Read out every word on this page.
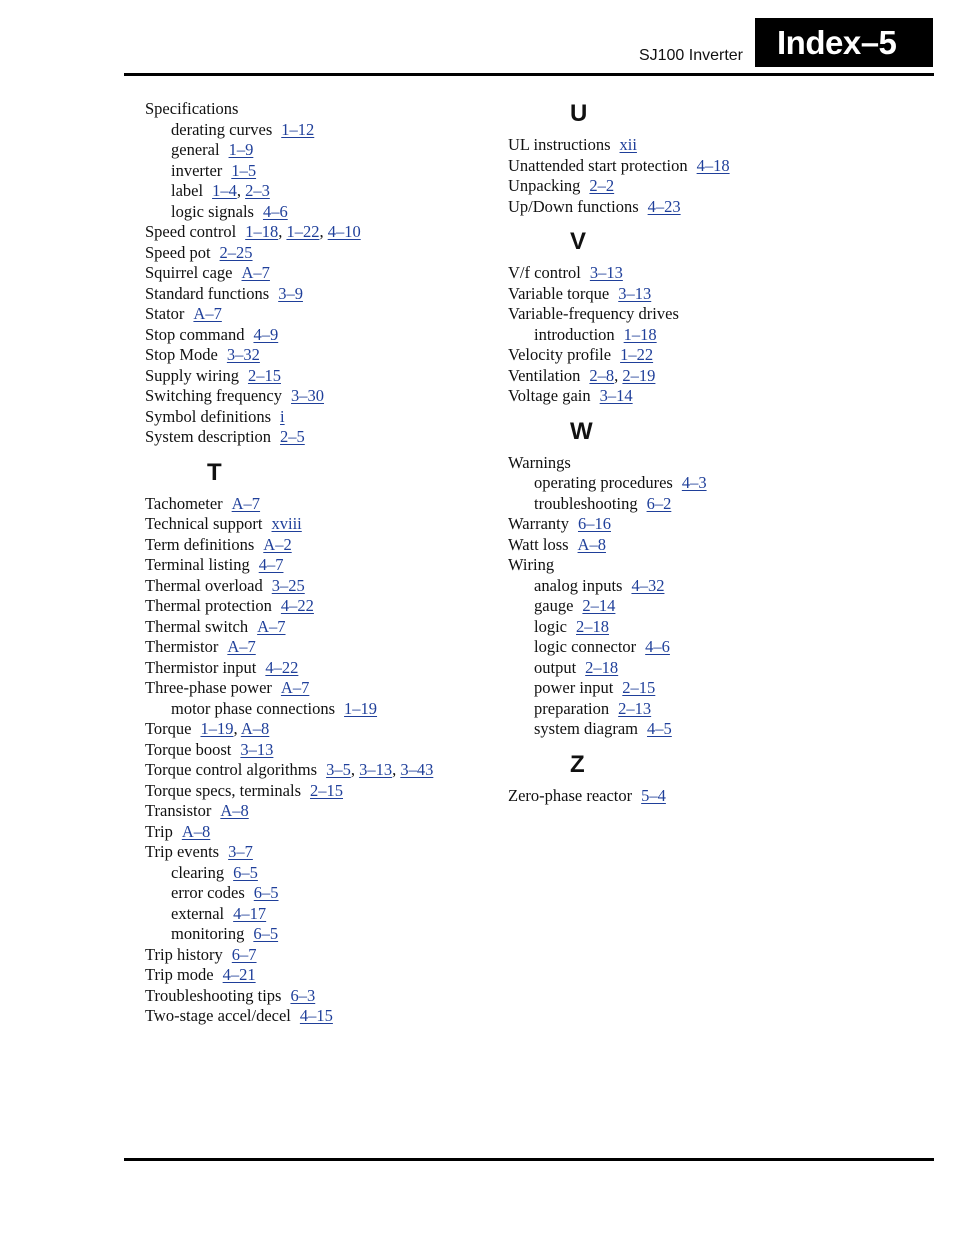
SJ100 Inverter	Index–5
Specifications
derating curves 1–12
general 1–9
inverter 1–5
label 1–4, 2–3
logic signals 4–6
Speed control 1–18, 1–22, 4–10
Speed pot 2–25
Squirrel cage A–7
Standard functions 3–9
Stator A–7
Stop command 4–9
Stop Mode 3–32
Supply wiring 2–15
Switching frequency 3–30
Symbol definitions i
System description 2–5
T
Tachometer A–7
Technical support xviii
Term definitions A–2
Terminal listing 4–7
Thermal overload 3–25
Thermal protection 4–22
Thermal switch A–7
Thermistor A–7
Thermistor input 4–22
Three-phase power A–7
motor phase connections 1–19
Torque 1–19, A–8
Torque boost 3–13
Torque control algorithms 3–5, 3–13, 3–43
Torque specs, terminals 2–15
Transistor A–8
Trip A–8
Trip events 3–7
clearing 6–5
error codes 6–5
external 4–17
monitoring 6–5
Trip history 6–7
Trip mode 4–21
Troubleshooting tips 6–3
Two-stage accel/decel 4–15
U
UL instructions xii
Unattended start protection 4–18
Unpacking 2–2
Up/Down functions 4–23
V
V/f control 3–13
Variable torque 3–13
Variable-frequency drives
introduction 1–18
Velocity profile 1–22
Ventilation 2–8, 2–19
Voltage gain 3–14
W
Warnings
operating procedures 4–3
troubleshooting 6–2
Warranty 6–16
Watt loss A–8
Wiring
analog inputs 4–32
gauge 2–14
logic 2–18
logic connector 4–6
output 2–18
power input 2–15
preparation 2–13
system diagram 4–5
Z
Zero-phase reactor 5–4
